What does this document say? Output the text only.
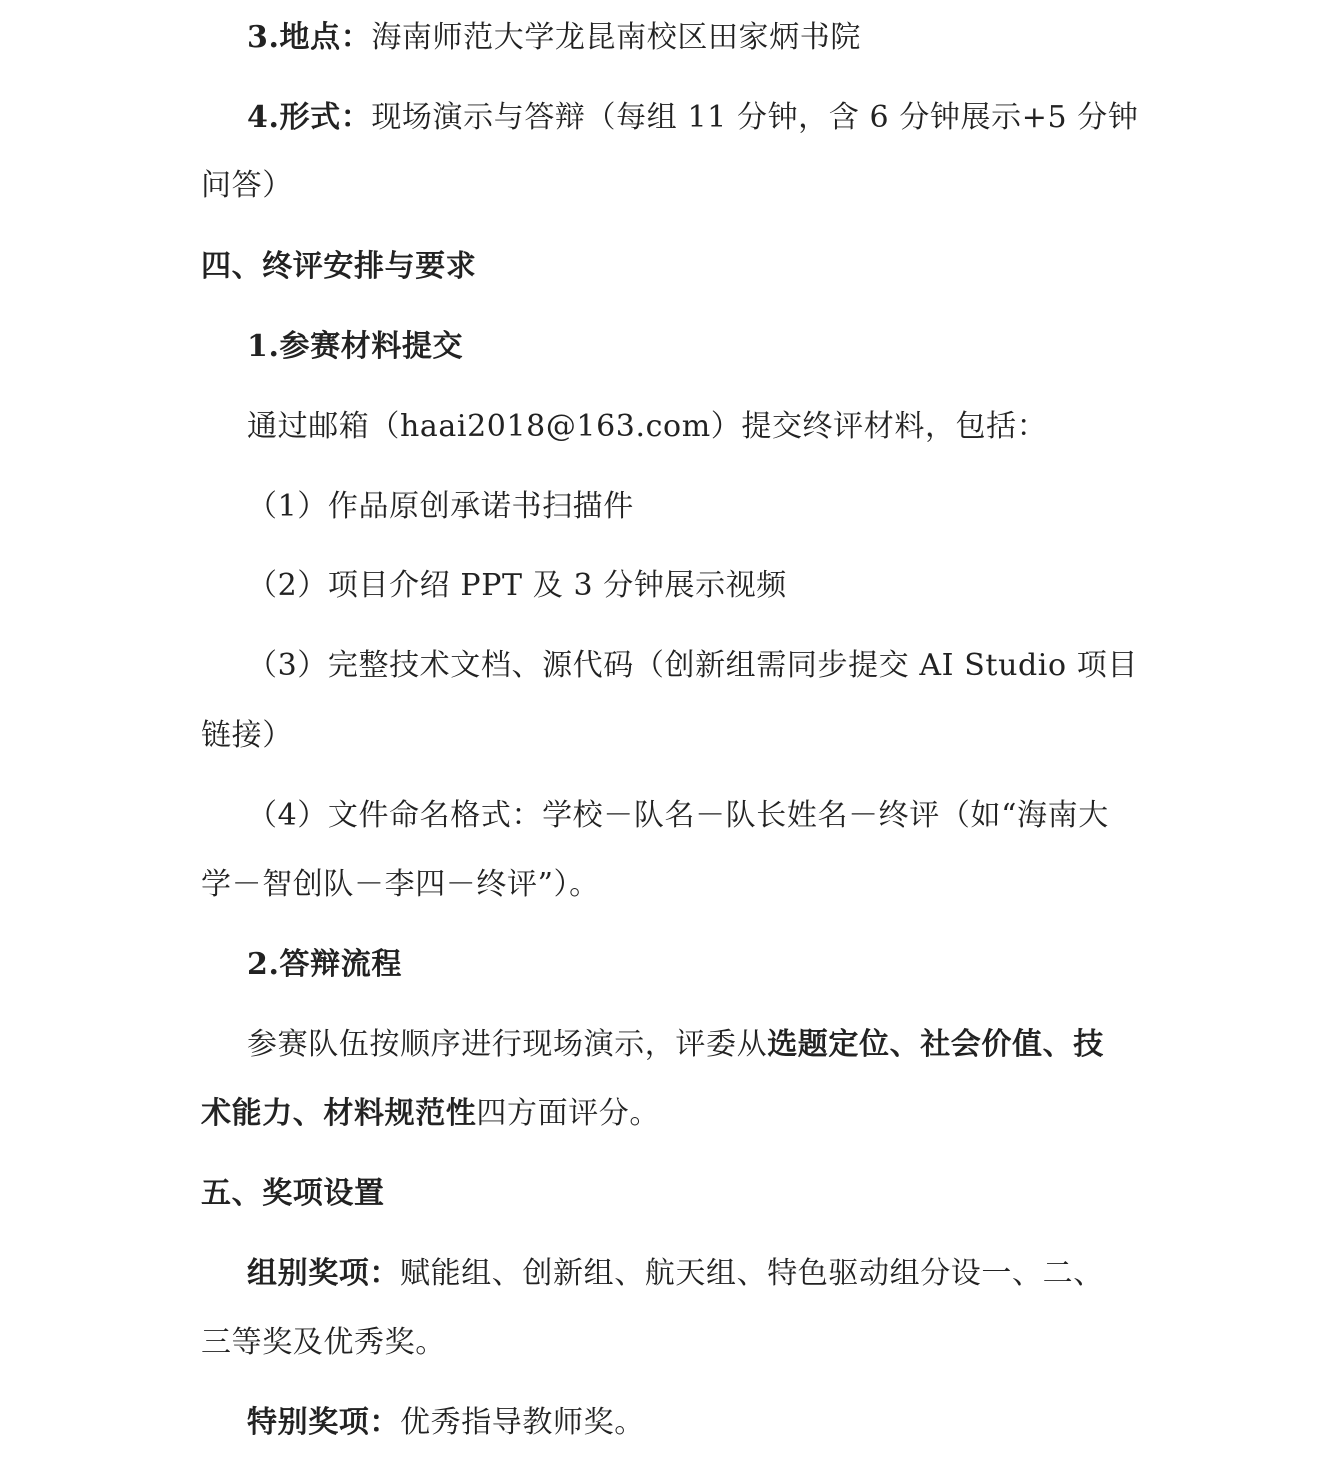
3.地点：海南师范大学龙昆南校区田家炳书院
4.形式：现场演示与答辩（每组 11 分钟，含 6 分钟展示+5 分钟
问答）
四、终评安排与要求
1.参赛材料提交
通过邮箱（haai2018@163.com）提交终评材料，包括：
（1）作品原创承诺书扫描件
（2）项目介绍 PPT 及 3 分钟展示视频
（3）完整技术文档、源代码（创新组需同步提交 AI Studio 项目
链接）
（4）文件命名格式：学校－队名－队长姓名－终评（如“海南大
学－智创队－李四－终评”）。
2.答辩流程
参赛队伍按顺序进行现场演示，评委从选题定位、社会价值、技
术能力、材料规范性四方面评分。
五、奖项设置
组别奖项：赋能组、创新组、航天组、特色驱动组分设一、二、
三等奖及优秀奖。
特别奖项：优秀指导教师奖。
